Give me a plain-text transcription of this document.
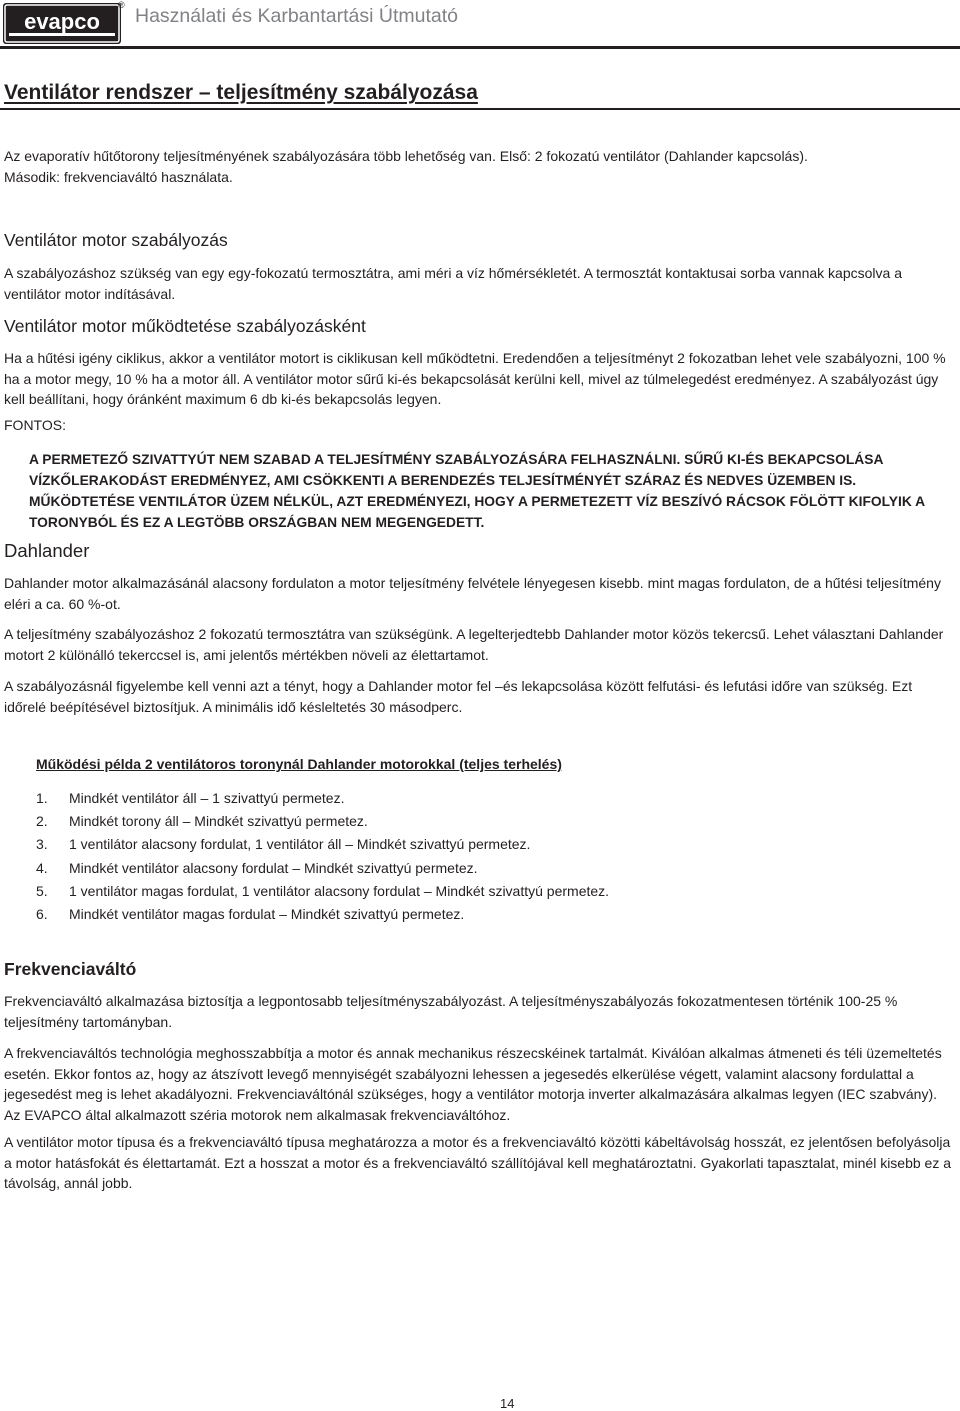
evapco
® Használati és Karbantartási Útmutató
Ventilátor rendszer – teljesítmény szabályozása

Az evaporatív hűtőtorony teljesítményének szabályozására több lehetőség van. Első: 2 fokozatú ventilátor (Dahlander kapcsolás).

Második: frekvenciaváltó használata.

Ventilátor motor szabályozás

A szabályozáshoz szükség van egy egy-fokozatú termosztátra, ami méri a víz hőmérsékletét. A termosztát kontaktusai sorba vannak kapcsolva a ventilátor motor indításával.

Ventilátor motor működtetése szabályozásként

Ha a hűtési igény ciklikus, akkor a ventilátor motort is ciklikusan kell működtetni. Eredendően a teljesítményt 2 fokozatban lehet vele szabályozni, 100 % ha a motor megy, 10 % ha a motor áll. A ventilátor motor sűrű ki-és bekapcsolását kerülni kell, mivel az túlmelegedést eredményez. A szabályozást úgy kell beállítani, hogy óránként maximum 6 db ki-és bekapcsolás legyen.

FONTOS:
A PERMETEZŐ SZIVATTYÚT NEM SZABAD A TELJESÍTMÉNY SZABÁLYOZÁSÁRA FELHASZNÁLNI. SŰRŰ KI-ÉS BEKAPCSOLÁSA VÍZKŐLERAKODÁST EREDMÉNYEZ, AMI CSÖKKENTI A BERENDEZÉS TELJESÍTMÉNYÉT SZÁRAZ ÉS NEDVES ÜZEMBEN IS. MŰKÖDTETÉSE VENTILÁTOR ÜZEM NÉLKÜL, AZT EREDMÉNYEZI, HOGY A PERMETEZETT VÍZ BESZÍVÓ RÁCSOK FÖLÖTT KIFOLYIK A TORONYBÓL ÉS EZ A LEGTÖBB ORSZÁGBAN NEM MEGENGEDETT.
Dahlander
Dahlander motor alkalmazásánál alacsony fordulaton a motor teljesítmény felvétele lényegesen kisebb. mint magas fordulaton, de a hűtési teljesítmény eléri a ca. 60 %-ot.
A teljesítmény szabályozáshoz 2 fokozatú termosztátra van szükségünk. A legelterjedtebb Dahlander motor közös tekercsű. Lehet választani Dahlander motort 2 különálló tekerccsel is, ami jelentős mértékben növeli az élettartamot.
A szabályozásnál figyelembe kell venni azt a tényt, hogy a Dahlander motor fel –és lekapcsolása között felfutási- és lefutási időre van szükség. Ezt időrelé beépítésével biztosítjuk. A minimális idő késleltetés 30 másodperc.
Működési példa 2 ventilátoros toronynál Dahlander motorokkal (teljes terhelés)
1. Mindkét ventilátor áll – 1 szivattyú permetez.
2. Mindkét torony áll – Mindkét szivattyú permetez.
3. 1 ventilátor alacsony fordulat, 1 ventilátor áll – Mindkét szivattyú permetez.
4. Mindkét ventilátor alacsony fordulat – Mindkét szivattyú permetez.
5. 1 ventilátor magas fordulat, 1 ventilátor alacsony fordulat – Mindkét szivattyú permetez.
6. Mindkét ventilátor magas fordulat – Mindkét szivattyú permetez.
Frekvenciaváltó
Frekvenciaváltó alkalmazása biztosítja a legpontosabb teljesítményszabályozást. A teljesítményszabályozás fokozatmentesen történik 100-25 % teljesítmény tartományban.
A frekvenciaváltós technológia meghosszabbítja a motor és annak mechanikus részecskéinek tartalmát. Kiválóan alkalmas átmeneti és téli üzemeltetés esetén. Ekkor fontos az, hogy az átszívott levegő mennyiségét szabályozni lehessen a jegesedés elkerülése végett, valamint alacsony fordulattal a jegesedést meg is lehet akadályozni. Frekvenciaváltónál szükséges, hogy a ventilátor motorja inverter alkalmazására alkalmas legyen (IEC szabvány). Az EVAPCO által alkalmazott széria motorok nem alkalmasak frekvenciaváltóhoz.
A ventilátor motor típusa és a frekvenciaváltó típusa meghatározza a motor és a frekvenciaváltó közötti kábeltávolság hosszát, ez jelentősen befolyásolja a motor hatásfokát és élettartamát. Ezt a hosszat a motor és a frekvenciaváltó szállítójával kell meghatároztatni. Gyakorlati tapasztalat, minél kisebb ez a távolság, annál jobb.
14
